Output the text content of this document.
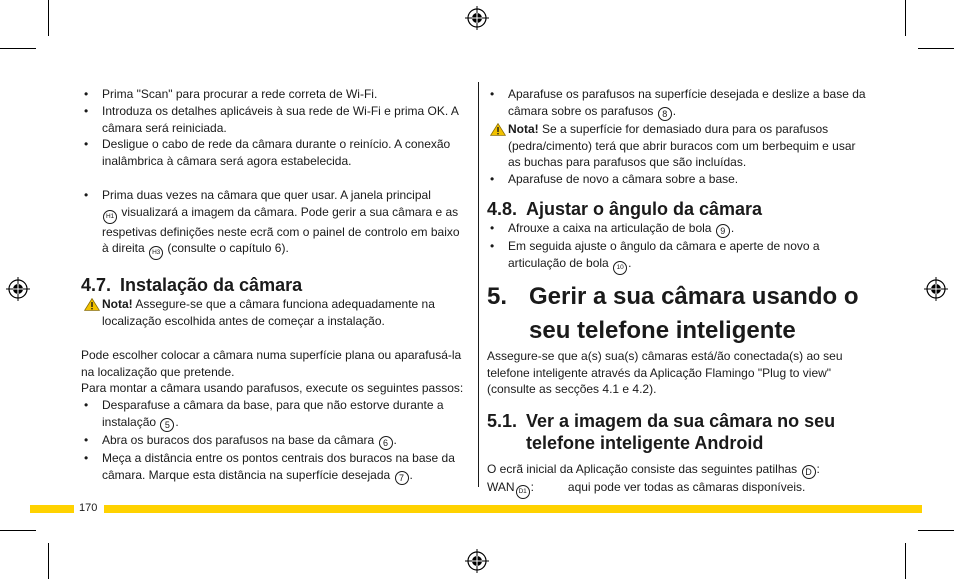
• Prima "Scan" para procurar a rede correta de Wi-Fi.
• Introduza os detalhes aplicáveis à sua rede de Wi-Fi e prima OK. A câmara será reiniciada.
• Desligue o cabo de rede da câmara durante o reinício. A conexão inalâmbrica à câmara será agora estabelecida.
• Prima duas vezes na câmara que quer usar. A janela principal
H1 visualizará a imagem da câmara. Pode gerir a sua câmara e as respetivas definições neste ecrã com o painel de controlo em baixo à direita H3 (consulte o capítulo 6).
4.7. Instalação da câmara
Nota! Assegure-se que a câmara funciona adequadamente na localização escolhida antes de começar a instalação.

Pode escolher colocar a câmara numa superfície plana ou aparafusá-la na localização que pretende.

Para montar a câmara usando parafusos, execute os seguintes passos:

• Desparafuse a câmara da base, para que não estorve durante a instalação 5 .
• Abra os buracos dos parafusos na base da câmara 6 .
• Meça a distância entre os pontos centrais dos buracos na base da câmara. Marque esta distância na superfície desejada 7 .
• Aparafuse os parafusos na superfície desejada e deslize a base da câmara sobre os parafusos 8 .
Nota! Se a superfície for demasiado dura para os parafusos (pedra/cimento) terá que abrir buracos com um berbequim e usar as buchas para parafusos que são incluídas.
• Aparafuse de novo a câmara sobre a base.
4.8. Ajustar o ângulo da câmara
• Afrouxe a caixa na articulação de bola 9 .
• Em seguida ajuste o ângulo da câmara e aperte de novo a articulação de bola 10 .
5. Gerir a sua câmara usando o seu telefone inteligente

Assegure-se que a(s) sua(s) câmaras está/ão conectada(s) ao seu telefone inteligente através da Aplicação Flamingo "Plug to view" (consulte as secções 4.1 e 4.2).

5.1. Ver a imagem da sua câmara no seu telefone inteligente Android

O ecrã inicial da Aplicação consiste das seguintes patilhas D :

WAN D1 :	aqui pode ver todas as câmaras disponíveis.

170
